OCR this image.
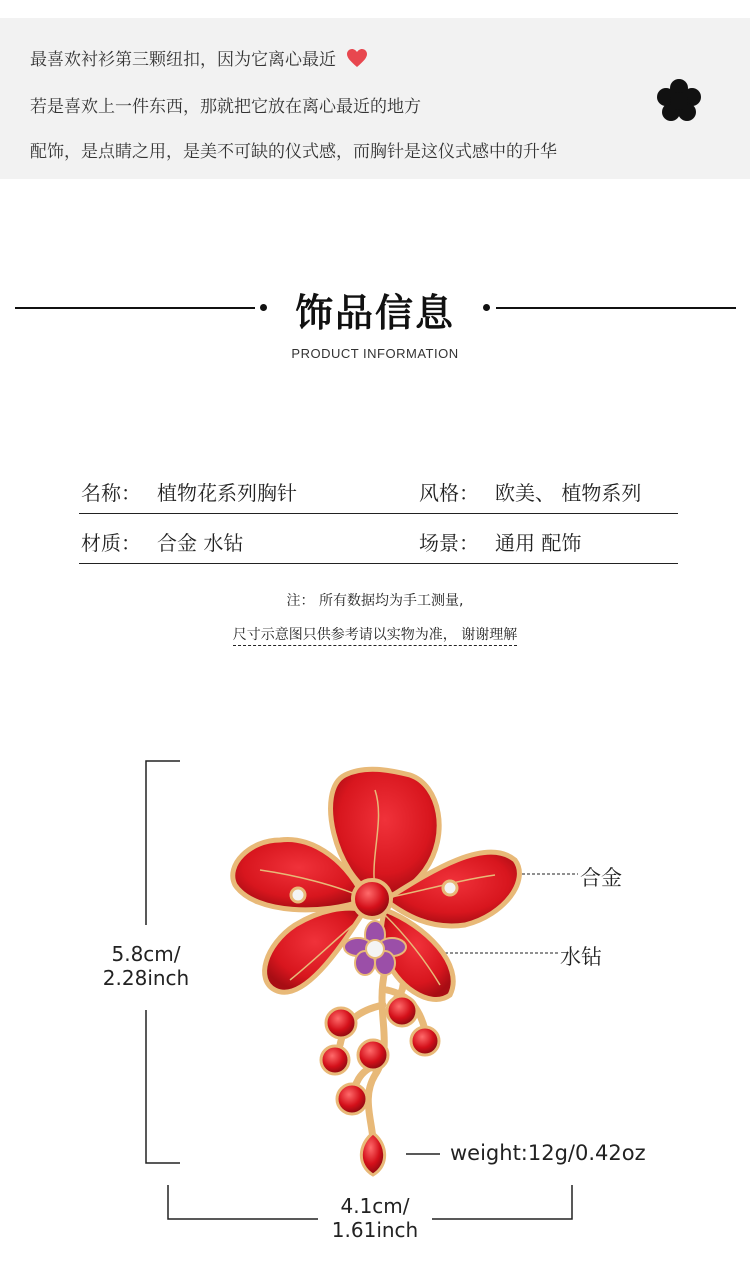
最喜欢衬衫第三颗纽扣，因为它离心最近

若是喜欢上一件东西，那就把它放在离心最近的地方

配饰，是点睛之用，是美不可缺的仪式感，而胸针是这仪式感中的升华

饰品信息
PRODUCT INFORMATION
名称： 植物花系列胸针	风格： 欧美、 植物系列
材质： 合金 水钻	场景： 通用 配饰
注： 所有数据均为手工测量,
尺寸示意图只供参考请以实物为准， 谢谢理解
合金
水钻
5.8cm/
2.28inch
4.1cm/
1.61inch
weight:12g/0.42oz
